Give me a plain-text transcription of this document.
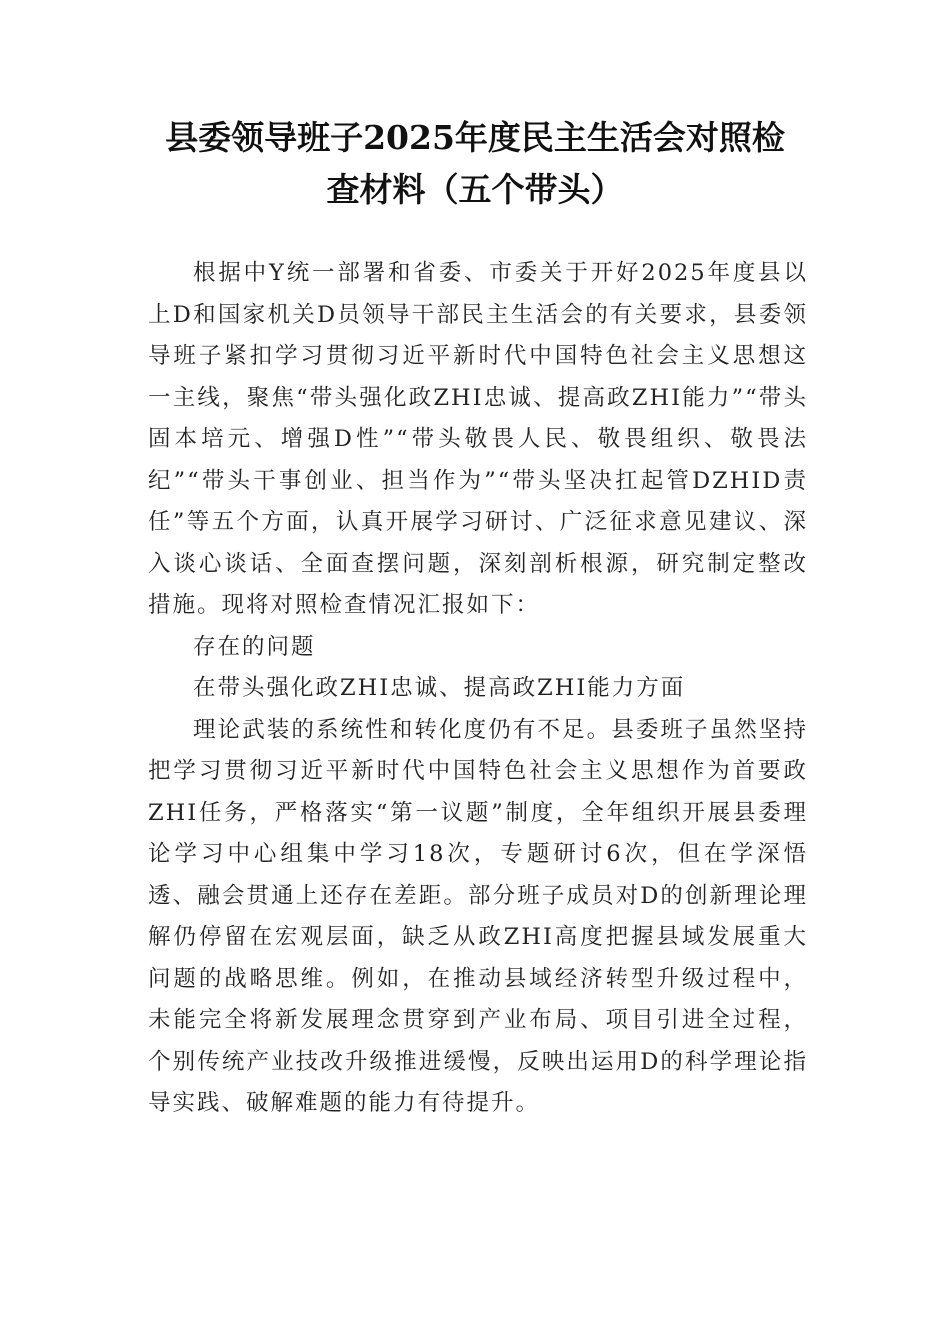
县委领导班子2025年度民主生活会对照检
查材料（五个带头）

根据中Y统一部署和省委、市委关于开好2025年度县以上D和国家机关D员领导干部民主生活会的有关要求，县委领导班子紧扣学习贯彻习近平新时代中国特色社会主义思想这一主线，聚焦“带头强化政ZHI忠诚、提高政ZHI能力”“带头固本培元、增强D性”“带头敬畏人民、敬畏组织、敬畏法纪”“带头干事创业、担当作为”“带头坚决扛起管DZHID责任”等五个方面，认真开展学习研讨、广泛征求意见建议、深入谈心谈话、全面查摆问题，深刻剖析根源，研究制定整改措施。现将对照检查情况汇报如下：

存在的问题

在带头强化政ZHI忠诚、提高政ZHI能力方面

理论武装的系统性和转化度仍有不足。县委班子虽然坚持把学习贯彻习近平新时代中国特色社会主义思想作为首要政ZHI任务，严格落实“第一议题”制度，全年组织开展县委理论学习中心组集中学习18次，专题研讨6次，但在学深悟透、融会贯通上还存在差距。部分班子成员对D的创新理论理解仍停留在宏观层面，缺乏从政ZHI高度把握县域发展重大问题的战略思维。例如，在推动县域经济转型升级过程中，未能完全将新发展理念贯穿到产业布局、项目引进全过程，个别传统产业技改升级推进缓慢，反映出运用D的科学理论指导实践、破解难题的能力有待提升。
